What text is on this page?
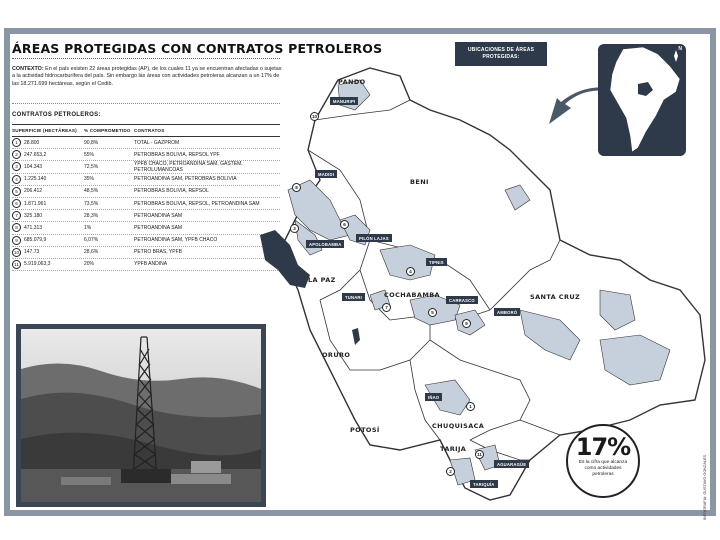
ÁREAS PROTEGIDAS CON CONTRATOS PETROLEROS
CONTEXTO: En el país existen 22 áreas protegidas (AP), de los cuales 11 ya se encuentran afectadas o sujetas a la actividad hidrocarburífera del país. Sin embargo las áreas con actividades petroleras alcanzan a un 17% de las 18.271.699 hectáreas, según el Cedib.
CONTRATOS PETROLEROS:
SUPERFICIE (HECTÁREAS)	% COMPROMETIDO CONTRATOS
1	28.800	90,8%	TOTAL - GAZPROM
2	247.653,2	55%	PETROBRAS BOLIVIA, REPSOL YPF
3	104.343	72,5%	YPFB CHACO, PETROANDINA SAM, GASTEM, PETROLUMANCOAS
4	1.225.140	35%	PETROANDINA SAM, PETROBRAS BOLIVIA
5	206.412	48,5%	PETROBRAS BOLIVIA, REPSOL
6	1.871.961	73,5%	PETROBRAS BOLIVIA, REPSOL, PETROANDINA SAM
7	325.180	28,3%	PETROANDINA SAM
8	471.313	1%	PETROANDINA SAM
9	685.079,9	6,07%	PETROANDINA SAM, YPFB CHACO
10 147.73	28,6%	PETRO BRAS, YPFB
11	5.919.063,3	20%	YPFB ANDINA
PANDO
BENI
LA PAZ
COCHABAMBA	SANTA CRUZ
ORURO
POTOSÍ	CHUQUISACA
TARIJA
MANURIPI
MADIDI
APOLOBAMBA
PILÓN LAJAS
TIPNIS
TUNARI
CARRASCO
AMBORÓ
IÑAO
AGUARAGÜE
TARIQUÍA
10
8
3
6
4
7
5
9
1
2
11
UBICACIONES DE ÁREAS PROTEGIDAS:
N
17%
Es la cifra que alcanza como actividades petroleras	INFOGRAFÍA: GUSTAVO GONZALES
